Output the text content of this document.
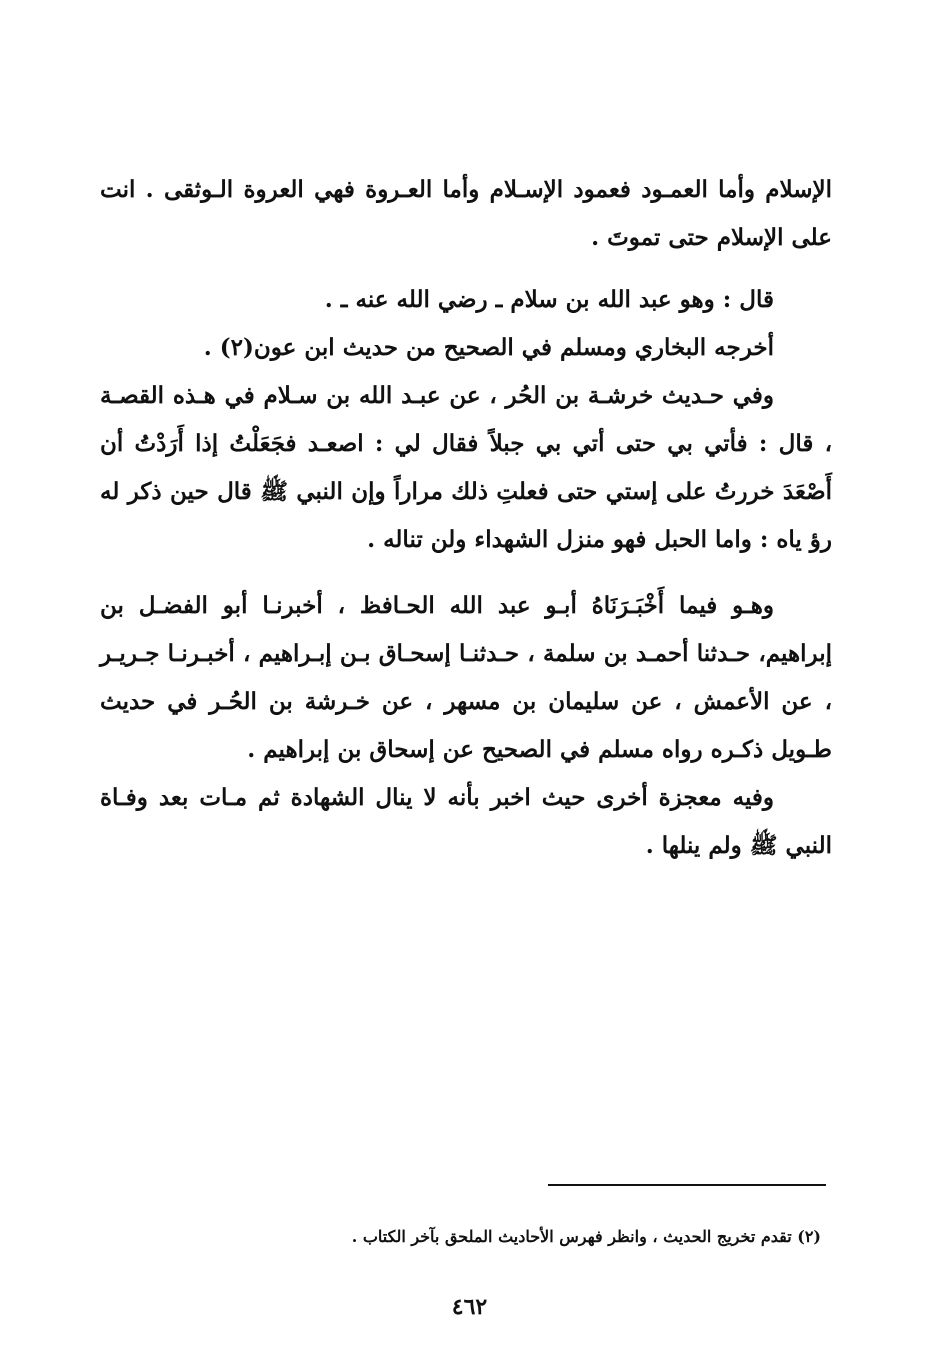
الإسلام وأما العمـود فعمود الإسـلام وأما العـروة فهي العروة الـوثقى . انت على الإسلام حتى تموتَ .

قال : وهو عبد الله بن سلام ـ رضي الله عنه ـ .

أخرجه البخاري ومسلم في الصحيح من حديث ابن عون(٢) .

وفي حـديث خرشـة بن الحُر ، عن عبـد الله بن سـلام في هـذه القصـة ، قال : فأتي بي حتى أتي بي جبلاً فقال لي : اصعـد فجَعَلْتُ إذا أَرَدْتُ أن أَصْعَدَ خررتُ على إستي حتى فعلتِ ذلك مراراً وإن النبي ﷺ قال حين ذكر له رؤ ياه : واما الحبل فهو منزل الشهداء ولن تناله .

وهـو فيما أَخْبَـرَنَاهُ أبـو عبد الله الحـافظ ، أخبرنـا أبو الفضـل بن إبراهيم، حـدثنا أحمـد بن سلمة ، حـدثنـا إسحـاق بـن إبـراهيم ، أخبـرنـا جـريـر ، عن الأعمش ، عن سليمان بن مسهر ، عن خـرشة بن الحُـر في حديث طـويل ذكـره رواه مسلم في الصحيح عن إسحاق بن إبراهيم .

وفيه معجزة أخرى حيث اخبر بأنه لا ينال الشهادة ثم مـات بعد وفـاة النبي ﷺ ولم ينلها .

(٢) تقدم تخريج الحديث ، وانظر فهرس الأحاديث الملحق بآخر الكتاب .
٤٦٢
